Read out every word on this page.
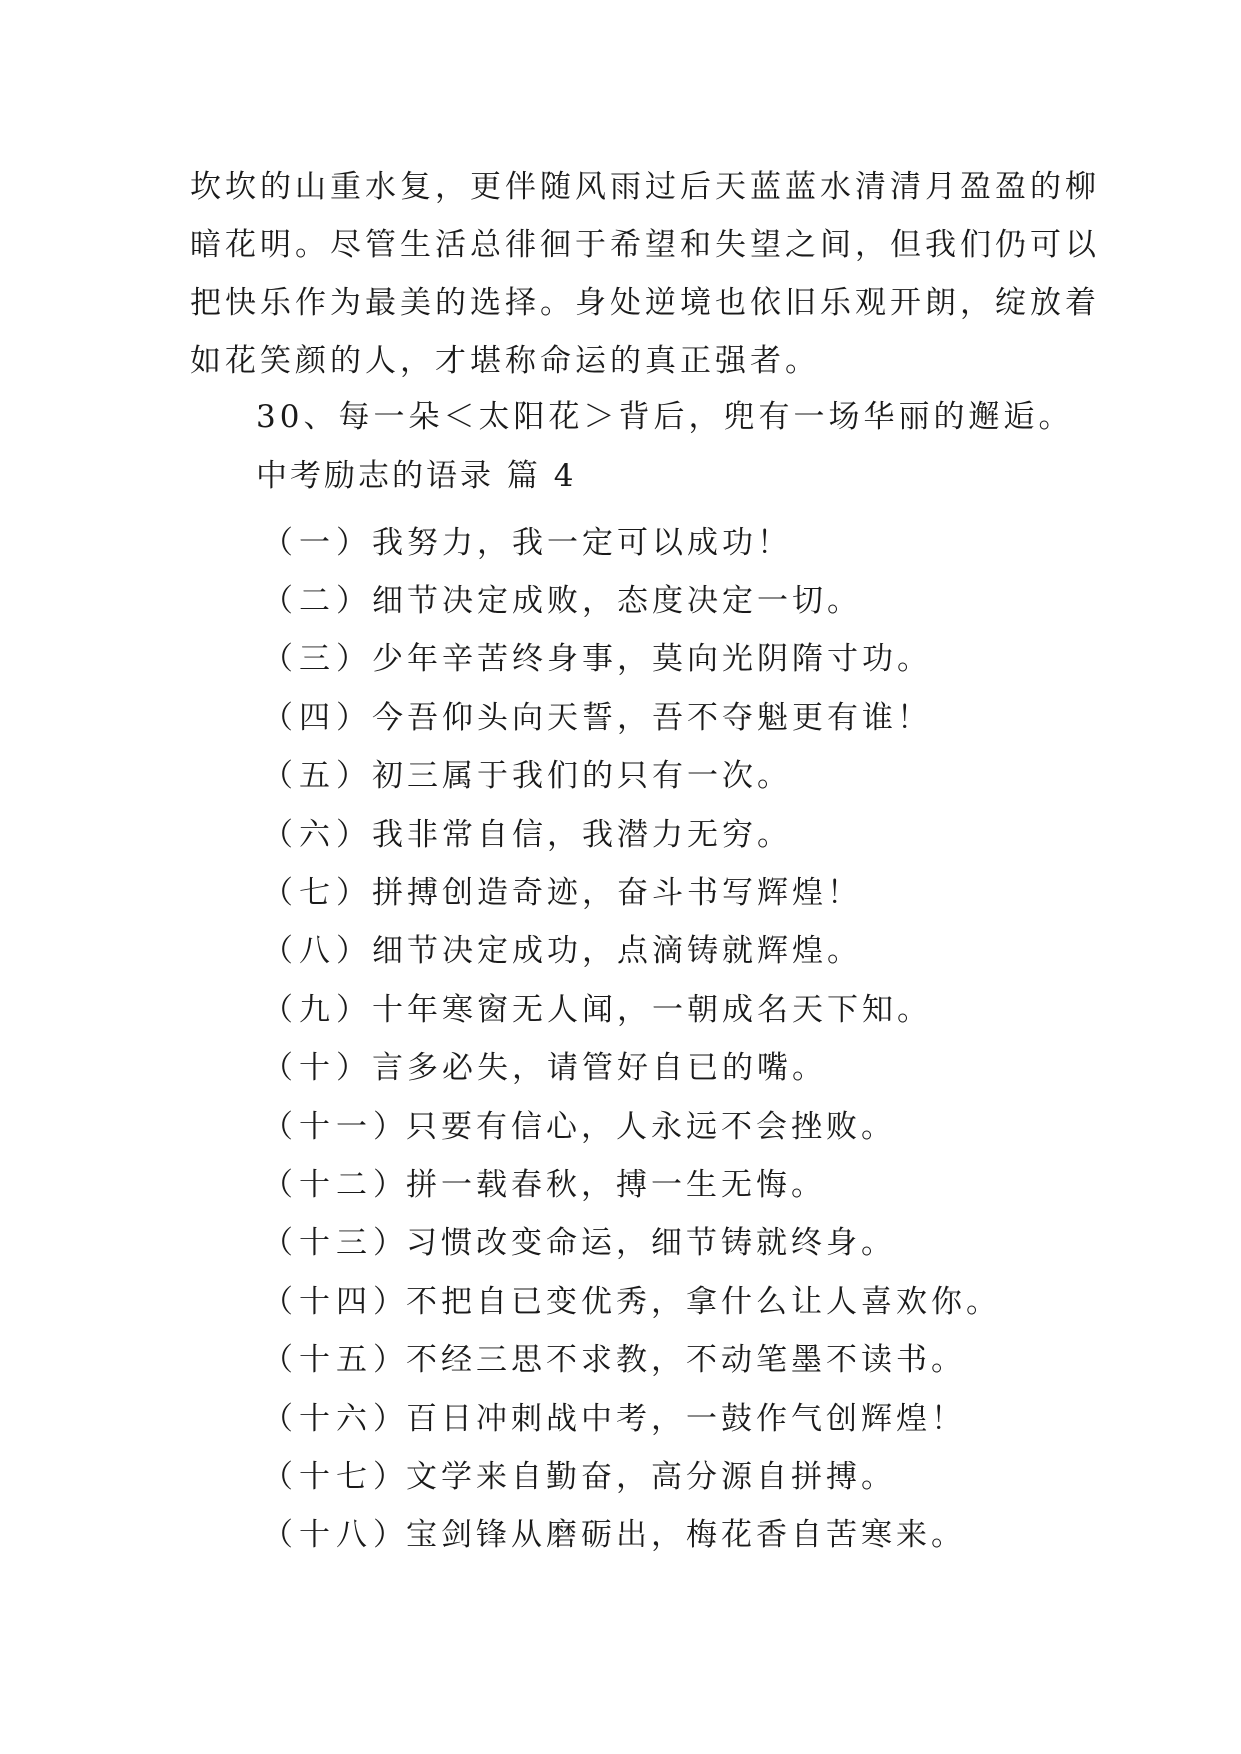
坎坎的山重水复，更伴随风雨过后天蓝蓝水清清月盈盈的柳
暗花明。尽管生活总徘徊于希望和失望之间，但我们仍可以
把快乐作为最美的选择。身处逆境也依旧乐观开朗，绽放着
如花笑颜的人，才堪称命运的真正强者。

30、每一朵＜太阳花＞背后，兜有一场华丽的邂逅。
中考励志的语录 篇 4
（一） 我努力，我一定可以成功！
（二） 细节决定成败，态度决定一切。
（三） 少年辛苦终身事，莫向光阴隋寸功。
（四） 今吾仰头向天誓，吾不夺魁更有谁！
（五） 初三属于我们的只有一次。
（六） 我非常自信，我潜力无穷。
（七） 拼搏创造奇迹，奋斗书写辉煌！
（八） 细节决定成功，点滴铸就辉煌。
（九） 十年寒窗无人闻，一朝成名天下知。
（十） 言多必失，请管好自已的嘴。
（十一）
只要有信心，人永远不会挫败。
（十二）
拼一载春秋，搏一生无悔。
（十三）
习惯改变命运，细节铸就终身。
（十四）
不把自已变优秀，拿什么让人喜欢你。
（十五）
不经三思不求教，不动笔墨不读书。
（十六）
百日冲刺战中考，一鼓作气创辉煌！
（十七）
文学来自勤奋，高分源自拼搏。
（十八）
宝剑锋从磨砺出，梅花香自苦寒来。
